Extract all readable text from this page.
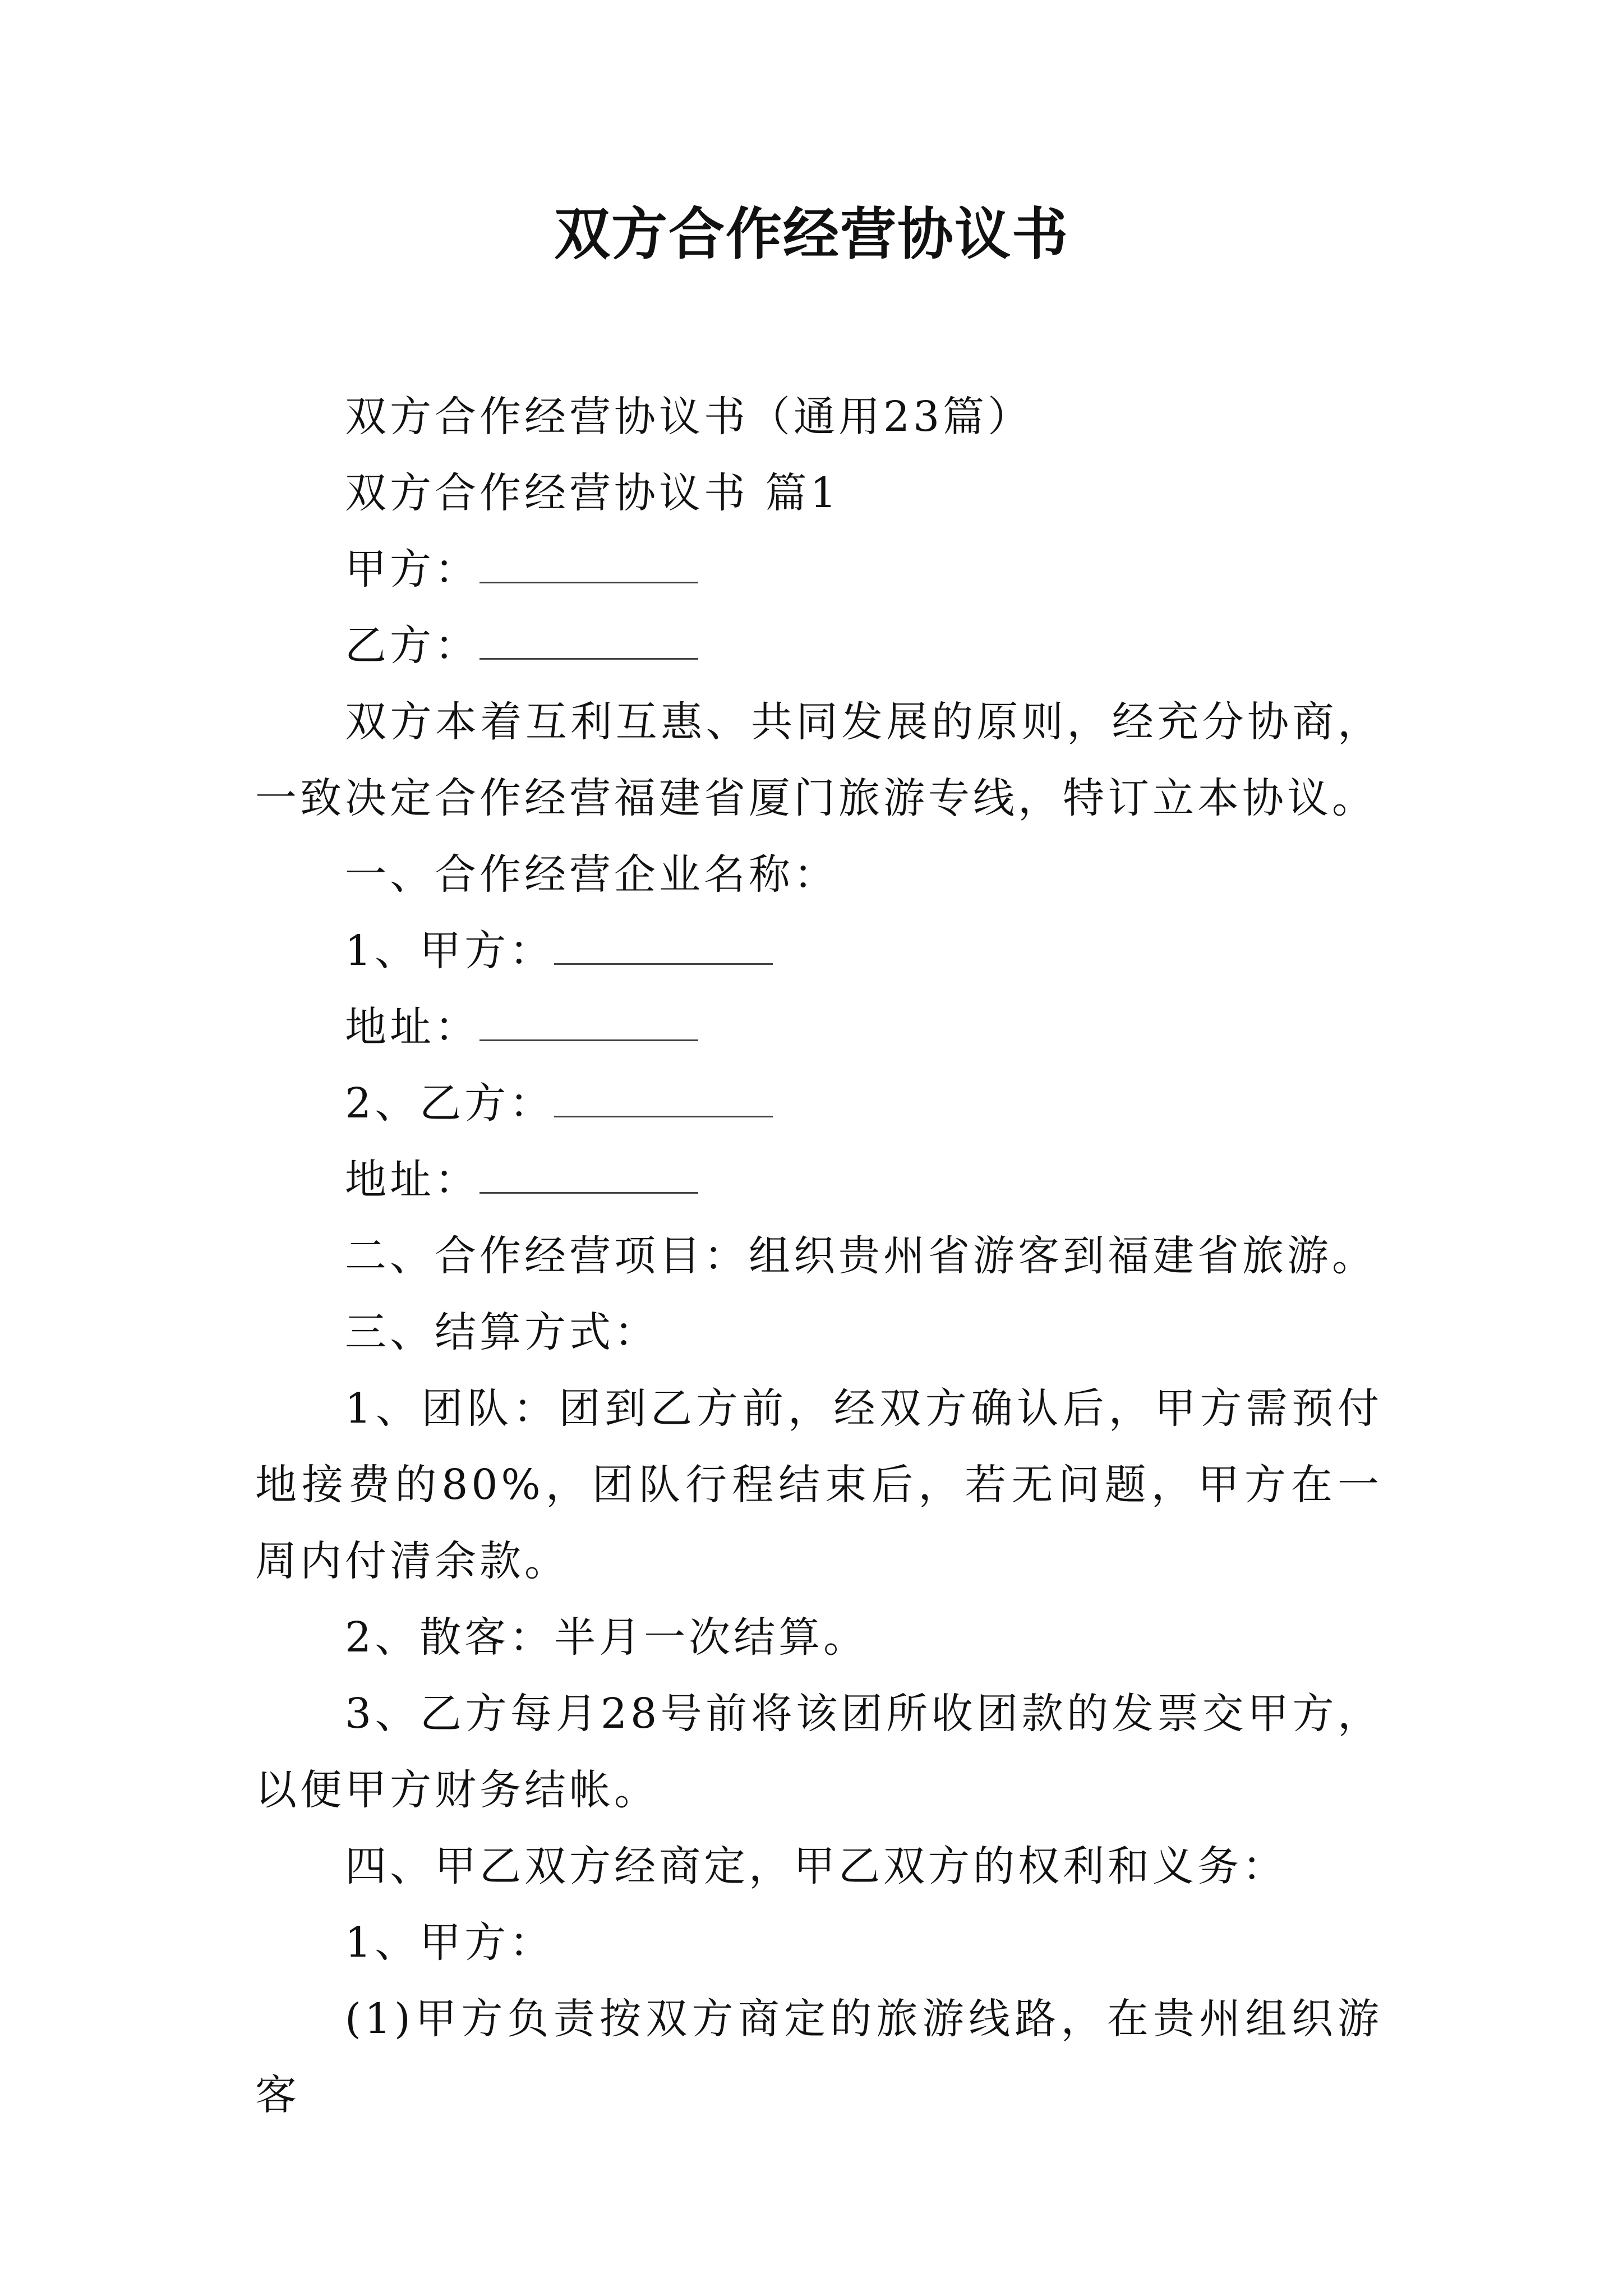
双方合作经营协议书

双方合作经营协议书（通用23篇）

双方合作经营协议书 篇1

甲方：

乙方：

双方本着互利互惠、共同发展的原则，经充分协商，一致决定合作经营福建省厦门旅游专线，特订立本协议。

一、合作经营企业名称：

1、甲方：

地址：

2、乙方：

地址：

二、合作经营项目：组织贵州省游客到福建省旅游。

三、结算方式：

1、团队：团到乙方前，经双方确认后，甲方需预付地接费的80%，团队行程结束后，若无问题，甲方在一周内付清余款。

2、散客：半月一次结算。

3、乙方每月28号前将该团所收团款的发票交甲方，以便甲方财务结帐。

四、甲乙双方经商定，甲乙双方的权利和义务：

1、甲方：

(1)甲方负责按双方商定的旅游线路，在贵州组织游客
